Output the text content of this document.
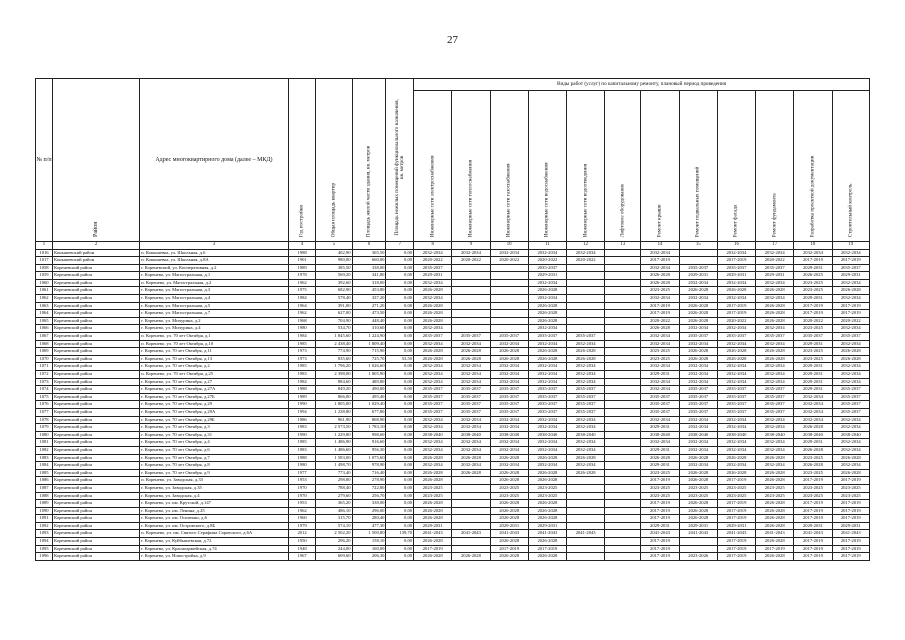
27
№ п/п	Район	Адрес многоквартирного дома (далее – МКД)	Год постройки	Общая площадь квартир	Площадь жилой части здания, кв. метров	Площадь нежилых помещений функционального назначения, кв. метров	Виды работ (услуг) по капитальному ремонту, плановый период проведения											

							Инженерные сети электроснабжения	Инженерные сети теплоснабжения	Инженерные сети газоснабжения	Инженерные сети водоснабжения	Инженерные сети водоотведения	Лифтовое оборудование	Ремонт крыши	Ремонт подвальных помещений	Ремонт фасада	Ремонт фундамента	Разработка проектной документации	Строительный контроль

1	2	3	4	5	6	7	8	9	10	11	12	13	14	15	16	17	18	19
1016	Конышевский район	п. Конышевка, ул. Школьная, д.6	1988	402,90	365,50	0,00	2032-2034	2032-2034	2032-2034	2032-2034	2032-2034		2032-2034		2032-2034	2032-2034	2032-2034	2032-2034
1017	Конышевский район	п. Конышевка, ул. Школьная, д.8А	1901	980,00	660,00	0,00	2020-2022	2020-2022	2020-2022	2020-2022	2020-2022		2017-2019		2017-2019	2020-2022	2017-2019	2017-2019
1058	Кореневский район	г. Кореневский, ул. Кооперативная, д.2	1989	385,50	338,00	0,00	2035-2037			2035-2037			2032-2034	2035-2037	2035-2037	2035-2037	2029-2031	2035-2037
1059	Кореневский район	г. Коренево, ул. Магистральная, д.1	1978	569,20	341,80	0,00	2029-2031			2029-2031			2026-2028	2029-2031	2029-2031	2029-2031	2026-2025	2029-2031
1060	Кореневский район	п. Коренево, ул. Магистральная, д.2	1962	392,60	318,00	0,00	2032-2034			2032-2034			2026-2028	2032-2034	2032-2034	2032-2034	2023-2025	2032-2034
1061	Кореневский район	г. Коренево, ул. Магистральная, д.3	1975	682,90	453,80	0,00	2026-2028			2026-2028			2023-2025	2026-2028	2026-2028	2026-2028	2023-2025	2026-2028
1062	Кореневский район	г. Коренево, ул. Магистральная, д.4	1984	578,40	337,20	0,00	2032-2034			2032-2034			2032-2034	2032-2034	2032-2034	2032-2034	2029-2031	2032-2034
1063	Кореневский район	г. Коренево, ул. Магистральная, д.5	1964	391,00	271,20	0,00	2026-2028			2026-2028			2017-2019	2026-2028	2017-2019	2026-2028	2017-2019	2017-2019
1064	Кореневский район	г. Коренево, ул. Магистральная, д.7	1962	627,00	473,50	0,00	2026-2028			2026-2028			2017-2019	2026-2028	2017-2019	2026-2028	2017-2019	2017-2019
1065	Кореневский район	г. Коренево, ул. Мичурина, д.2	1968	704,90	448,40	0,00	2026-2028			2026-2028			2020-2022	2026-2028	2020-2022	2026-2028	2020-2022	2020-2022
1066	Кореневский район	г. Коренево, ул. Мичурина, д.4	1980	534,70	310,60	0,00	2032-2034			2032-2034			2026-2028	2032-2034	2032-2034	2032-2034	2023-2025	2032-2034
1067	Кореневский район	п. Коренево, ул. 70 лет Октября, д.1	1984	1 845,60	1 224,90	0,00	2035-2037	2035-2037	2035-2037	2035-2037	2035-2037		2032-2034	2035-2037	2035-2037	2035-2037	2035-2037	2035-2037
1068	Кореневский район	п. Коренево, ул. 70 лет Октября, д.10	1985	2 438,40	1 809,40	0,00	2032-2034	2032-2034	2032-2034	2032-2034	2032-2034		2032-2034	2032-2034	2032-2034	2032-2034	2029-2031	2032-2034
1069	Кореневский район	г. Коренево, ул. 70 лет Октября, д.11	1973	774,90	715,90	0,00	2026-2028	2026-2028	2026-2028	2026-2028	2026-2028		2023-2025	2026-2028	2026-2028	2026-2028	2023-2025	2026-2028
1070	Кореневский район	г. Коренево, ул. 70 лет Октября, д.13	1973	835,60	725,70	53,50	2026-2028	2026-2028	2026-2028	2026-2028	2026-2028		2023-2025	2026-2028	2026-2028	2026-2028	2023-2025	2026-2028
1071	Кореневский район	г. Коренево, ул. 70 лет Октября, д.2	1985	1 796,20	1 026,60	0,00	2032-2034	2032-2034	2032-2034	2032-2034	2032-2034		2032-2034	2032-2034	2032-2034	2032-2034	2029-2031	2032-2034
1072	Кореневский район	п. Коренево, ул. 70 лет Октября, д.25	1983	2 398,00	1 805,90	0,00	2032-2034	2032-2034	2032-2034	2032-2034	2032-2034		2029-2031	2032-2034	2032-2034	2032-2034	2029-2031	2032-2034
1073	Кореневский район	г. Коренево, ул. 70 лет Октября, д.27	1984	884,60	489,80	0,00	2032-2034	2032-2034	2032-2034	2032-2034	2032-2034		2032-2034	2032-2034	2032-2034	2032-2034	2029-2031	2032-2034
1074	Кореневский район	г. Коренево, ул. 70 лет Октября, д.27А	1988	849,20	490,00	0,00	2035-2037	2035-2037	2035-2037	2035-2037	2035-2037		2032-2034	2035-2037	2035-2037	2035-2037	2029-2031	2035-2037
1075	Кореневский район	г. Коренево, ул. 70 лет Октября, д.27Б	1989	866,00	495,40	0,00	2035-2037	2035-2037	2035-2037	2035-2037	2035-2037		2035-2037	2035-2037	2035-2037	2035-2037	2032-2034	2035-2037
1076	Кореневский район	г. Коренево, ул. 70 лет Октября, д.29	1990	1 805,00	1 029,40	0,00	2035-2037	2035-2037	2035-2037	2035-2037	2035-2037		2035-2037	2035-2037	2035-2037	2035-2037	2032-2034	2035-2037
1077	Кореневский район	г. Коренево, ул. 70 лет Октября, д.29А	1994	1 238,80	677,80	0,00	2035-2037	2035-2037	2035-2037	2035-2037	2035-2037		2035-2037	2035-2037	2035-2037	2035-2037	2032-2034	2035-2037
1078	Кореневский район	г. Коренево, ул. 70 лет Октября, д.29Б	1986	961,90	868,90	0,00	2032-2034	2032-2034	2032-2034	2032-2034	2032-2034		2032-2034	2032-2034	2032-2034	2032-2034	2032-2034	2032-2034
1079	Кореневский район	г. Коренево, ул. 70 лет Октября, д.3	1983	2 573,50	1 783,10	0,00	2032-2034	2032-2034	2032-2034	2032-2034	2032-2034		2029-2031	2032-2034	2032-2034	2032-2034	2026-2028	2032-2034
1080	Кореневский район	г. Коренево, ул. 70 лет Октября, д.31	1990	1 229,80	998,60	0,00	2038-2040	2038-2040	2038-2040	2038-2040	2038-2040		2038-2040	2038-2040	2038-2040	2038-2040	2038-2040	2038-2040
1081	Кореневский район	г. Коренево, ул. 70 лет Октября, д.4	1985	1 486,90	916,60	0,00	2032-2034	2032-2034	2032-2034	2032-2034	2032-2034		2032-2034	2032-2034	2032-2034	2032-2034	2029-2031	2032-2034
1082	Кореневский район	г. Коренево, ул. 70 лет Октября, д.6	1983	1 486,60	956,30	0,00	2032-2034	2032-2034	2032-2034	2032-2034	2032-2034		2029-2031	2032-2034	2032-2034	2032-2034	2026-2028	2032-2034
1083	Кореневский район	г. Коренево, ул. 70 лет Октября, д.7	1988	1 583,00	1 075,60	0,00	2026-2028	2026-2028	2026-2028	2026-2028	2026-2028		2026-2028	2026-2028	2026-2028	2026-2028	2023-2025	2026-2028
1084	Кореневский район	г. Коренево, ул. 70 лет Октября, д.8	1980	1 498,70	978,90	0,00	2032-2034	2032-2034	2032-2034	2032-2034	2032-2034		2029-2031	2032-2034	2032-2034	2032-2034	2026-2028	2032-2034
1085	Кореневский район	г. Коренево, ул. 70 лет Октября, д.9	1977	773,40	716,40	0,00	2026-2028	2026-2028	2026-2028	2026-2028	2026-2028		2023-2025	2026-2028	2026-2028	2026-2028	2023-2025	2026-2028
1086	Кореневский район	п. Коренево, ул. Заводская, д.33	1953	298,80	278,90	0,00	2026-2028		2026-2028	2026-2028			2017-2019	2026-2028	2017-2019	2026-2028	2017-2019	2017-2019
1087	Кореневский район	г. Коренево, ул. Заводская, д.35	1970	788,40	722,80	0,00	2023-2025		2023-2025	2023-2025			2023-2025	2023-2025	2023-2025	2023-2025	2023-2025	2023-2025
1088	Кореневский район	г. Коренево, ул. Заводская, д.4	1970	279,60	256,70	0,00	2023-2025		2023-2025	2023-2025			2023-2025	2023-2025	2023-2025	2023-2025	2023-2025	2023-2025
1089	Кореневский район	г. Коренево, ул. им. Крутской, д.147	1953	365,20	338,00	0,00	2026-2028		2026-2028	2026-2028			2017-2019	2026-2028	2017-2019	2026-2028	2017-2019	2017-2019
1090	Кореневский район	г. Коренево, ул. им. Ленина, д.25	1962	486,10	296,00	0,00	2026-2028		2026-2028	2026-2028			2017-2019	2026-2028	2017-2019	2026-2028	2017-2019	2017-2019
1091	Кореневский район	г. Коренево, ул. им. Осипенко, д.6	1960	315,70	280,40	0,00	2026-2028		2026-2028	2026-2028			2017-2019	2026-2028	2017-2019	2026-2028	2017-2019	2017-2019
1092	Кореневский район	г. Коренево, ул. им. Островского, д.8Б	1979	574,10	477,30	0,00	2029-2031		2029-2031	2029-2031			2029-2031	2029-2031	2029-2031	2026-2028	2029-2031	2029-2031
1093	Кореневский район	п. Коренево, ул. им. Святого Серафима Саровского, д.6А	2012	2 502,20	1 500,80	139,70	2041-2043	2041-2043	2041-2043	2041-2043	2041-2043		2041-2043	2041-2043	2041-2043	2041-2043	2041-2043	2041-2043
1094	Кореневский район	г. Коренево, ул. Куйбышевская, д.72	1950	296,20	158,10	0,00	2026-2028		2026-2028	2026-2028			2017-2019		2017-2019	2026-2028	2017-2019	2017-2019
1095	Кореневский район	г. Коренево, ул. Красноармейская, д.74	1948	244,00	160,00	0,00	2017-2019		2017-2019	2017-2019			2017-2019		2017-2019	2017-2019	2017-2019	2017-2019
1096	Кореневский район	г. Коренево, ул. Новостройка, д.9	1967	609,60	206,30	0,00	2026-2028	2026-2028	2026-2028	2026-2028			2017-2019	2023-2026	2017-2019	2026-2028	2017-2019	2017-2019
